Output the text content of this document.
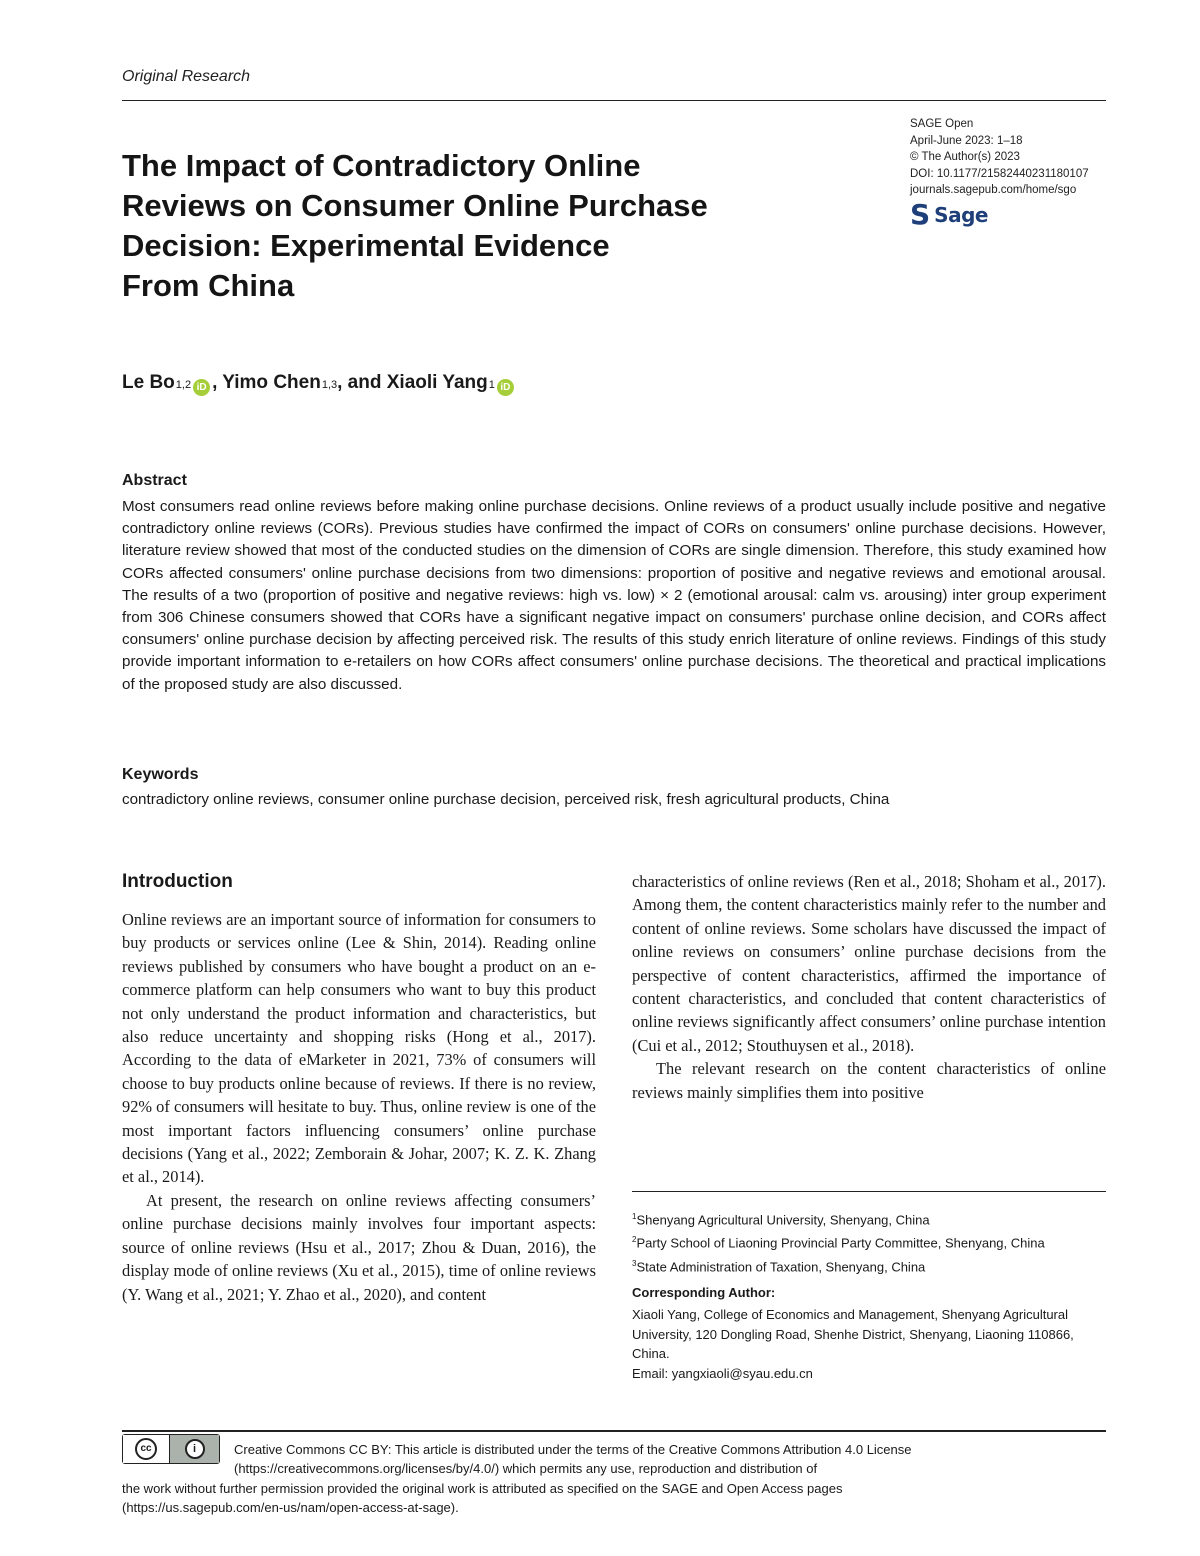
Original Research
The Impact of Contradictory Online
Reviews on Consumer Online Purchase
Decision: Experimental Evidence
From China
SAGE Open
April-June 2023: 1–18
© The Author(s) 2023
DOI: 10.1177/21582440231180107
journals.sagepub.com/home/sgo
S Sage
Le Bo 1,2 iD , Yimo Chen 1,3 , and Xiaoli Yang 1 iD
Abstract
Most consumers read online reviews before making online purchase decisions. Online reviews of a product usually include positive and negative contradictory online reviews (CORs). Previous studies have confirmed the impact of CORs on consumers' online purchase decisions. However, literature review showed that most of the conducted studies on the dimension of CORs are single dimension. Therefore, this study examined how CORs affected consumers' online purchase decisions from two dimensions: proportion of positive and negative reviews and emotional arousal. The results of a two (proportion of positive and negative reviews: high vs. low) × 2 (emotional arousal: calm vs. arousing) inter group experiment from 306 Chinese consumers showed that CORs have a significant negative impact on consumers' purchase online decision, and CORs affect consumers' online purchase decision by affecting perceived risk. The results of this study enrich literature of online reviews. Findings of this study provide important information to e-retailers on how CORs affect consumers' online purchase decisions. The theoretical and practical implications of the proposed study are also discussed.
Keywords
contradictory online reviews, consumer online purchase decision, perceived risk, fresh agricultural products, China
Introduction

Online reviews are an important source of information for consumers to buy products or services online (Lee & Shin, 2014). Reading online reviews published by consumers who have bought a product on an e-commerce platform can help consumers who want to buy this product not only understand the product information and characteristics, but also reduce uncertainty and shopping risks (Hong et al., 2017). According to the data of eMarketer in 2021, 73% of consumers will choose to buy products online because of reviews. If there is no review, 92% of consumers will hesitate to buy. Thus, online review is one of the most important factors influencing consumers’ online purchase decisions (Yang et al., 2022; Zemborain & Johar, 2007; K. Z. K. Zhang et al., 2014).

At present, the research on online reviews affecting consumers’ online purchase decisions mainly involves four important aspects: source of online reviews (Hsu et al., 2017; Zhou & Duan, 2016), the display mode of online reviews (Xu et al., 2015), time of online reviews (Y. Wang et al., 2021; Y. Zhao et al., 2020), and content

characteristics of online reviews (Ren et al., 2018; Shoham et al., 2017). Among them, the content characteristics mainly refer to the number and content of online reviews. Some scholars have discussed the impact of online reviews on consumers’ online purchase decisions from the perspective of content characteristics, affirmed the importance of content characteristics, and concluded that content characteristics of online reviews significantly affect consumers’ online purchase intention (Cui et al., 2012; Stouthuysen et al., 2018).

The relevant research on the content characteristics of online reviews mainly simplifies them into positive

$^1$Shenyang Agricultural University, Shenyang, China
$^2$Party School of Liaoning Provincial Party Committee, Shenyang, China
$^3$State Administration of Taxation, Shenyang, China
Corresponding Author:
Xiaoli Yang, College of Economics and Management, Shenyang Agricultural
University, 120 Dongling Road, Shenhe District, Shenyang, Liaoning 110866,
China.
Email: yangxiaoli@syau.edu.cn
cc	i	Creative Commons CC BY: This article is distributed under the terms of the Creative Commons Attribution 4.0 License
(https://creativecommons.org/licenses/by/4.0/) which permits any use, reproduction and distribution of
the work without further permission provided the original work is attributed as specified on the SAGE and Open Access pages
(https://us.sagepub.com/en-us/nam/open-access-at-sage).
